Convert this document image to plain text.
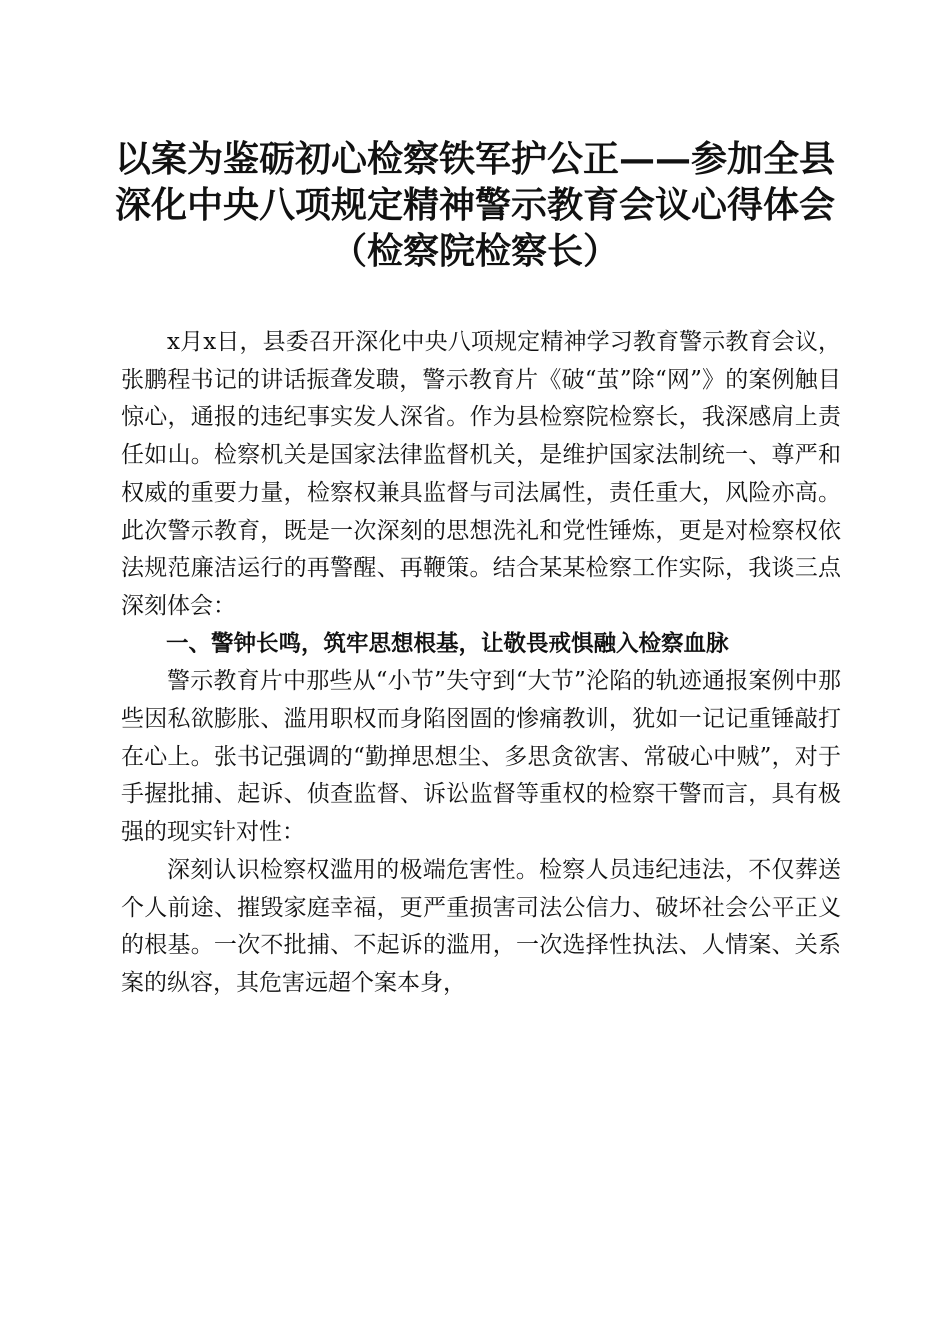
以案为鉴砺初心检察铁军护公正——参加全县
深化中央八项规定精神警示教育会议心得体会
（检察院检察长）

x月x日，县委召开深化中央八项规定精神学习教育警示教育会议，张鹏程书记的讲话振聋发聩，警示教育片《破“茧”除“网”》的案例触目惊心，通报的违纪事实发人深省。作为县检察院检察长，我深感肩上责任如山。检察机关是国家法律监督机关，是维护国家法制统一、尊严和权威的重要力量，检察权兼具监督与司法属性，责任重大，风险亦高。此次警示教育，既是一次深刻的思想洗礼和党性锤炼，更是对检察权依法规范廉洁运行的再警醒、再鞭策。结合某某检察工作实际，我谈三点深刻体会：

一、警钟长鸣，筑牢思想根基，让敬畏戒惧融入检察血脉

警示教育片中那些从“小节”失守到“大节”沦陷的轨迹通报案例中那些因私欲膨胀、滥用职权而身陷囹圄的惨痛教训，犹如一记记重锤敲打在心上。张书记强调的“勤掸思想尘、多思贪欲害、常破心中贼”，对于手握批捕、起诉、侦查监督、诉讼监督等重权的检察干警而言，具有极强的现实针对性：

深刻认识检察权滥用的极端危害性。检察人员违纪违法，不仅葬送个人前途、摧毁家庭幸福，更严重损害司法公信力、破坏社会公平正义的根基。一次不批捕、不起诉的滥用，一次选择性执法、人情案、关系案的纵容，其危害远超个案本身，
